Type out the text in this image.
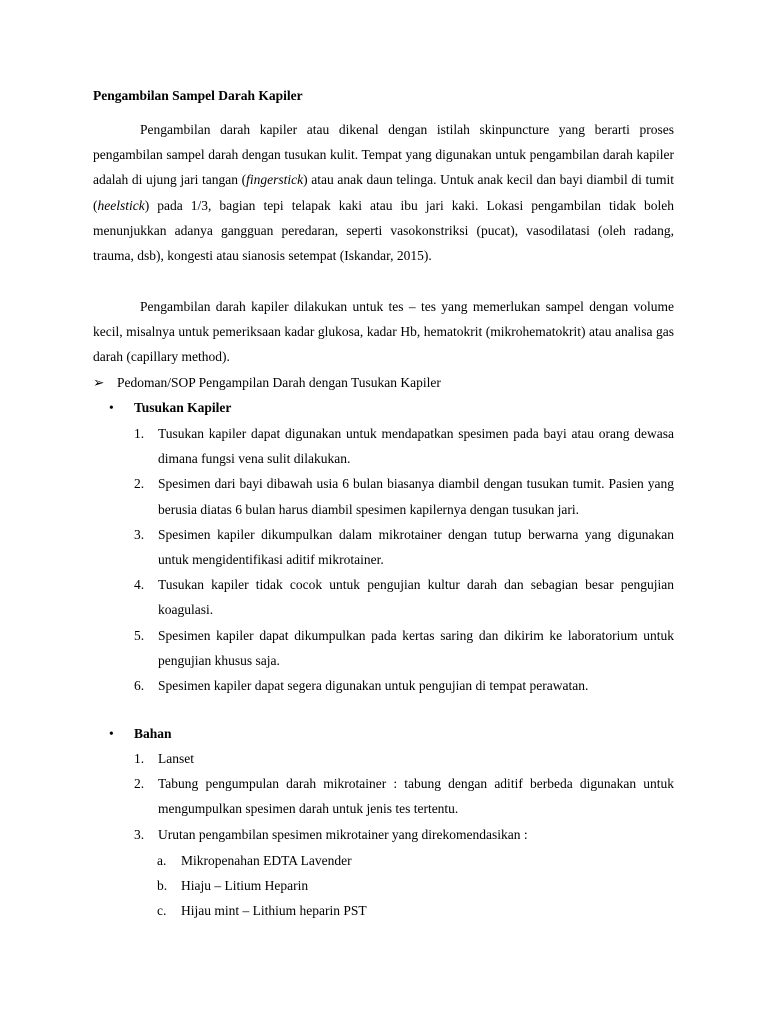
Pengambilan Sampel Darah Kapiler

Pengambilan darah kapiler atau dikenal dengan istilah skinpuncture yang berarti proses pengambilan sampel darah dengan tusukan kulit. Tempat yang digunakan untuk pengambilan darah kapiler adalah di ujung jari tangan (fingerstick) atau anak daun telinga. Untuk anak kecil dan bayi diambil di tumit (heelstick) pada 1/3, bagian tepi telapak kaki atau ibu jari kaki. Lokasi pengambilan tidak boleh menunjukkan adanya gangguan peredaran, seperti vasokonstriksi (pucat), vasodilatasi (oleh radang, trauma, dsb), kongesti atau sianosis setempat (Iskandar, 2015).

Pengambilan darah kapiler dilakukan untuk tes – tes yang memerlukan sampel dengan volume kecil, misalnya untuk pemeriksaan kadar glukosa, kadar Hb, hematokrit (mikrohematokrit) atau analisa gas darah (capillary method).

➢ Pedoman/SOP Pengampilan Darah dengan Tusukan Kapiler
• Tusukan Kapiler
1.	Tusukan kapiler dapat digunakan untuk mendapatkan spesimen pada bayi atau orang dewasa dimana fungsi vena sulit dilakukan.
2.	Spesimen dari bayi dibawah usia 6 bulan biasanya diambil dengan tusukan tumit. Pasien yang berusia diatas 6 bulan harus diambil spesimen kapilernya dengan tusukan jari.
3.	Spesimen kapiler dikumpulkan dalam mikrotainer dengan tutup berwarna yang digunakan untuk mengidentifikasi aditif mikrotainer.
4.	Tusukan kapiler tidak cocok untuk pengujian kultur darah dan sebagian besar pengujian koagulasi.
5.	Spesimen kapiler dapat dikumpulkan pada kertas saring dan dikirim ke laboratorium untuk pengujian khusus saja.
6.	Spesimen kapiler dapat segera digunakan untuk pengujian di tempat perawatan.
• Bahan
1.	Lanset
2.	Tabung pengumpulan darah mikrotainer : tabung dengan aditif berbeda digunakan untuk mengumpulkan spesimen darah untuk jenis tes tertentu.
3.	Urutan pengambilan spesimen mikrotainer yang direkomendasikan :
a.	Mikropenahan EDTA Lavender
b.	Hiaju – Litium Heparin
c.	Hijau mint – Lithium heparin PST
